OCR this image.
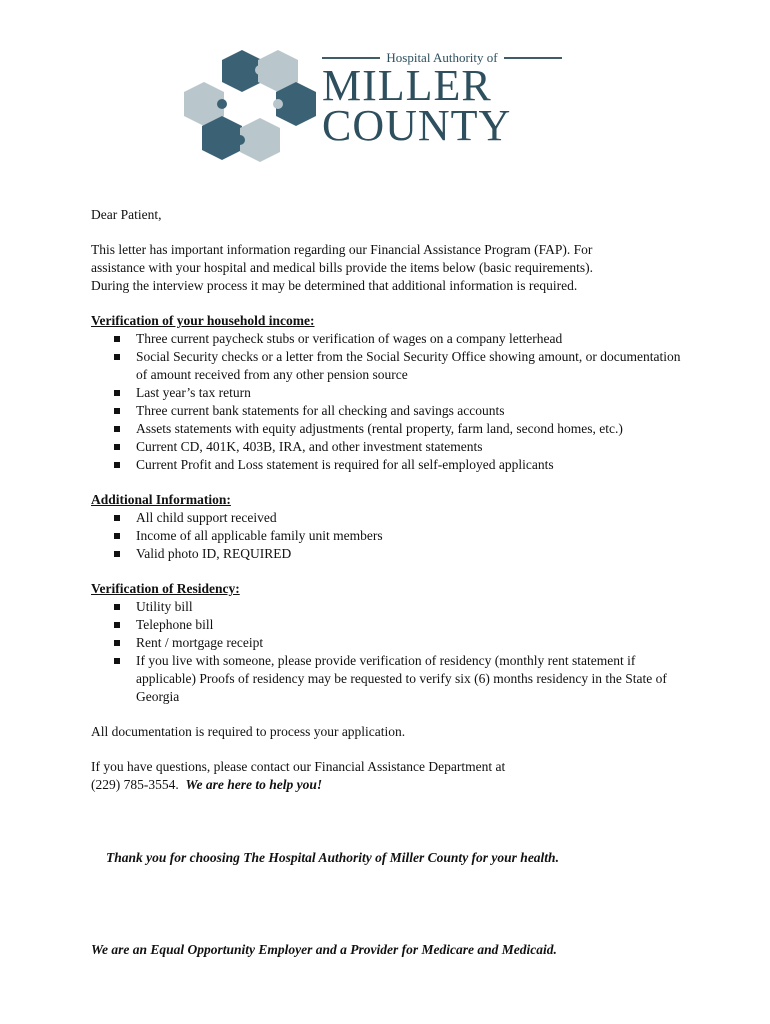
Hospital Authority of
MILLER
COUNTY

Dear Patient,

This letter has important information regarding our Financial Assistance Program (FAP). For

assistance with your hospital and medical bills provide the items below (basic requirements).

During the interview process it may be determined that additional information is required.

Verification of your household income:

Three current paycheck stubs or verification of wages on a company letterhead
Social Security checks or a letter from the Social Security Office showing amount, or documentation of amount received from any other pension source
Last year’s tax return
Three current bank statements for all checking and savings accounts
Assets statements with equity adjustments (rental property, farm land, second homes, etc.)
Current CD, 401K, 403B, IRA, and other investment statements
Current Profit and Loss statement is required for all self-employed applicants

Additional Information:

All child support received
Income of all applicable family unit members
Valid photo ID, REQUIRED

Verification of Residency:

Utility bill
Telephone bill
Rent / mortgage receipt
If you live with someone, please provide verification of residency (monthly rent statement if applicable) Proofs of residency may be requested to verify six (6) months residency in the State of Georgia

All documentation is required to process your application.

If you have questions, please contact our Financial Assistance Department at

(229) 785-3554. We are here to help you!

Thank you for choosing The Hospital Authority of Miller County for your health.
We are an Equal Opportunity Employer and a Provider for Medicare and Medicaid.
